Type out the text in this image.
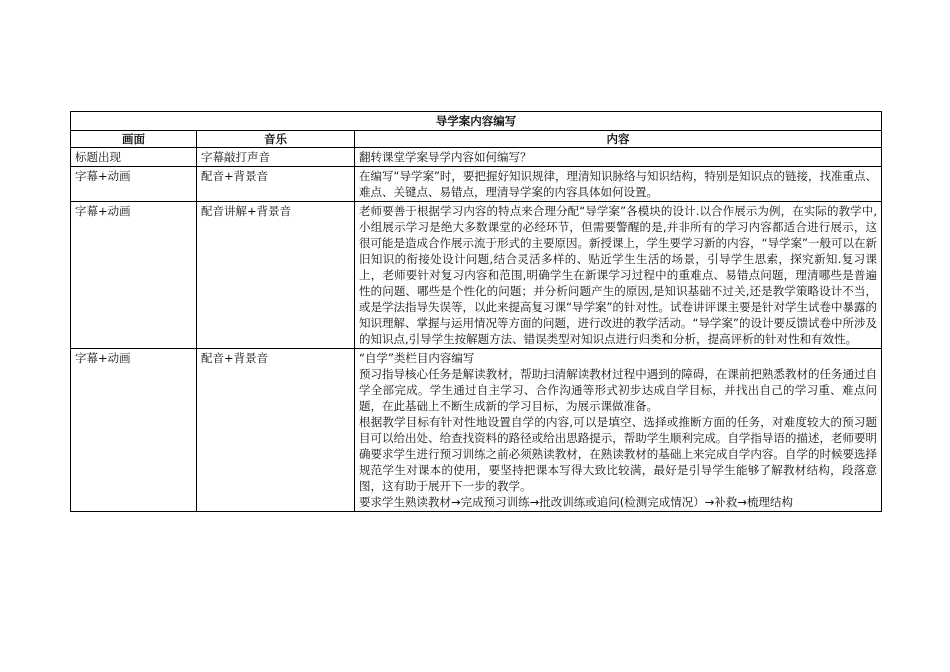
导学案内容编写		
画面	音乐	内容
标题出现	字幕敲打声音	翻转课堂学案导学内容如何编写？

字幕+动画	配音+背景音	在编写“导学案”时，要把握好知识规律，理清知识脉络与知识结构，特别是知识点的链接，找准重点、难点、关键点、易错点，理清导学案的内容具体如何设置。

字幕+动画	配音讲解+背景音	老师要善于根据学习内容的特点来合理分配“导学案”各模块的设计.以合作展示为例，在实际的教学中,小组展示学习是绝大多数课堂的必经环节，但需要警醒的是,并非所有的学习内容都适合进行展示，这很可能是造成合作展示流于形式的主要原因。新授课上，学生要学习新的内容，“导学案”一般可以在新旧知识的衔接处设计问题,结合灵活多样的、贴近学生生活的场景，引导学生思索，探究新知.复习课上，老师要针对复习内容和范围,明确学生在新课学习过程中的重难点、易错点问题，理清哪些是普遍性的问题、哪些是个性化的问题；并分析问题产生的原因,是知识基础不过关,还是教学策略设计不当，或是学法指导失误等，以此来提高复习课“导学案”的针对性。试卷讲评课主要是针对学生试卷中暴露的知识理解、掌握与运用情况等方面的问题，进行改进的教学活动。“导学案”的设计要反馈试卷中所涉及的知识点,引导学生按解题方法、错误类型对知识点进行归类和分析，提高评析的针对性和有效性。

字幕+动画	配音+背景音	“自学”类栏目内容编写

预习指导核心任务是解读教材，帮助扫清解读教材过程中遇到的障碍，在课前把熟悉教材的任务通过自学全部完成。学生通过自主学习、合作沟通等形式初步达成自学目标，并找出自己的学习重、难点问题，在此基础上不断生成新的学习目标，为展示课做准备。

根据教学目标有针对性地设置自学的内容,可以是填空、选择或推断方面的任务，对难度较大的预习题目可以给出处、给查找资料的路径或给出思路提示，帮助学生顺利完成。自学指导语的描述，老师要明确要求学生进行预习训练之前必须熟读教材，在熟读教材的基础上来完成自学内容。自学的时候要选择规范学生对课本的使用，要坚持把课本写得大致比较满，最好是引导学生能够了解教材结构，段落意图，这有助于展开下一步的教学。

要求学生熟读教材→完成预习训练→批改训练或追问(检测完成情况）→补救→梳理结构
